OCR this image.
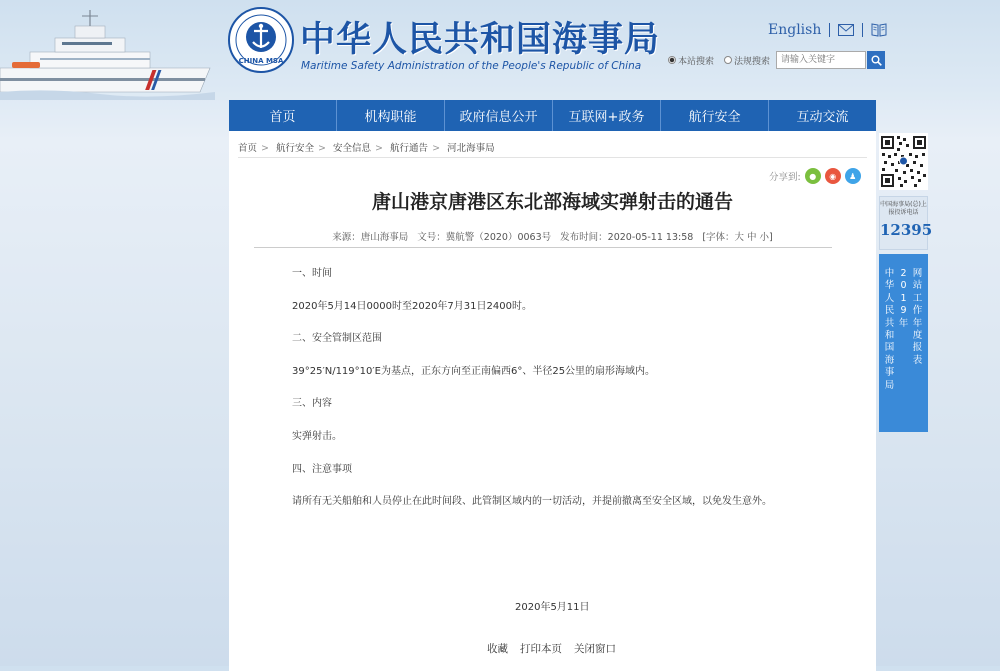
CHINA MSA
中华人民共和国海事局
Maritime Safety Administration of the People's Republic of China
English
本站搜索 法规搜索
请输入关键字
首页	机构职能	政府信息公开	互联网+政务	航行安全	互动交流
首页 > 航行安全 > 安全信息 > 航行通告 > 河北海事局
分享到:	●	◉	♟
唐山港京唐港区东北部海域实弹射击的通告
来源：唐山海事局 文号：冀航警（2020）0063号 发布时间：2020-05-11 13:58 [字体：大 中 小]

一、时间

2020年5月14日0000时至2020年7月31日2400时。

二、安全管制区范围

39°25′N/119°10′E为基点，正东方向至正南偏西6°、半径25公里的扇形海域内。

三、内容

实弹射击。

四、注意事项

请所有无关船舶和人员停止在此时间段、此管制区域内的一切活动，并提前撤离至安全区域，以免发生意外。

2020年5月11日
收藏 打印本页 关闭窗口
中国海事局(总)上报投诉电话
12395
中华人民共和国海事局
2019年
网站工作年度报表
